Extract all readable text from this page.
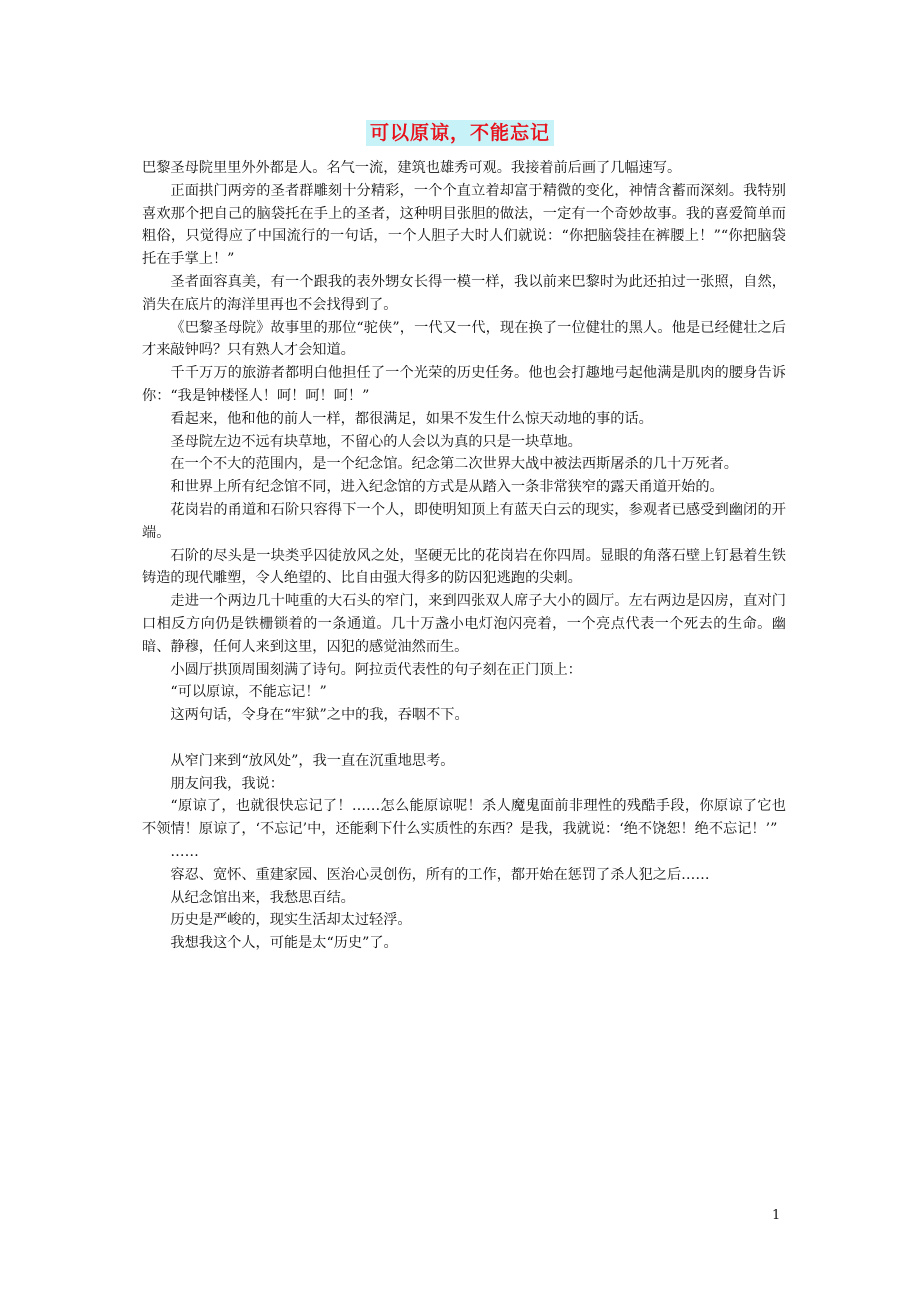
可以原谅，不能忘记

巴黎圣母院里里外外都是人。名气一流，建筑也雄秀可观。我接着前后画了几幅速写。

正面拱门两旁的圣者群雕刻十分精彩，一个个直立着却富于精微的变化，神情含蓄而深刻。我特别喜欢那个把自己的脑袋托在手上的圣者，这种明目张胆的做法，一定有一个奇妙故事。我的喜爱简单而粗俗，只觉得应了中国流行的一句话，一个人胆子大时人们就说：“你把脑袋挂在裤腰上！”“你把脑袋托在手掌上！”

圣者面容真美，有一个跟我的表外甥女长得一模一样，我以前来巴黎时为此还拍过一张照，自然，消失在底片的海洋里再也不会找得到了。

《巴黎圣母院》故事里的那位“驼侠”，一代又一代，现在换了一位健壮的黑人。他是已经健壮之后才来敲钟吗？只有熟人才会知道。

千千万万的旅游者都明白他担任了一个光荣的历史任务。他也会打趣地弓起他满是肌肉的腰身告诉你：“我是钟楼怪人！呵！呵！呵！”

看起来，他和他的前人一样，都很满足，如果不发生什么惊天动地的事的话。

圣母院左边不远有块草地，不留心的人会以为真的只是一块草地。

在一个不大的范围内，是一个纪念馆。纪念第二次世界大战中被法西斯屠杀的几十万死者。

和世界上所有纪念馆不同，进入纪念馆的方式是从踏入一条非常狭窄的露天甬道开始的。

花岗岩的甬道和石阶只容得下一个人，即使明知顶上有蓝天白云的现实，参观者已感受到幽闭的开端。

石阶的尽头是一块类乎囚徒放风之处，坚硬无比的花岗岩在你四周。显眼的角落石壁上钉悬着生铁铸造的现代雕塑，令人绝望的、比自由强大得多的防囚犯逃跑的尖刺。

走进一个两边几十吨重的大石头的窄门，来到四张双人席子大小的圆厅。左右两边是囚房，直对门口相反方向仍是铁栅锁着的一条通道。几十万盏小电灯泡闪亮着，一个亮点代表一个死去的生命。幽暗、静穆，任何人来到这里，囚犯的感觉油然而生。

小圆厅拱顶周围刻满了诗句。阿拉贡代表性的句子刻在正门顶上：

“可以原谅，不能忘记！”

这两句话，令身在“牢狱”之中的我，吞咽不下。

从窄门来到“放风处”，我一直在沉重地思考。

朋友问我，我说：

“原谅了，也就很快忘记了！……怎么能原谅呢！杀人魔鬼面前非理性的残酷手段，你原谅了它也不领情！原谅了，‘不忘记’中，还能剩下什么实质性的东西？是我，我就说：‘绝不饶恕！绝不忘记！’”

……

容忍、宽怀、重建家园、医治心灵创伤，所有的工作，都开始在惩罚了杀人犯之后……

从纪念馆出来，我愁思百结。

历史是严峻的，现实生活却太过轻浮。

我想我这个人，可能是太“历史”了。

1
